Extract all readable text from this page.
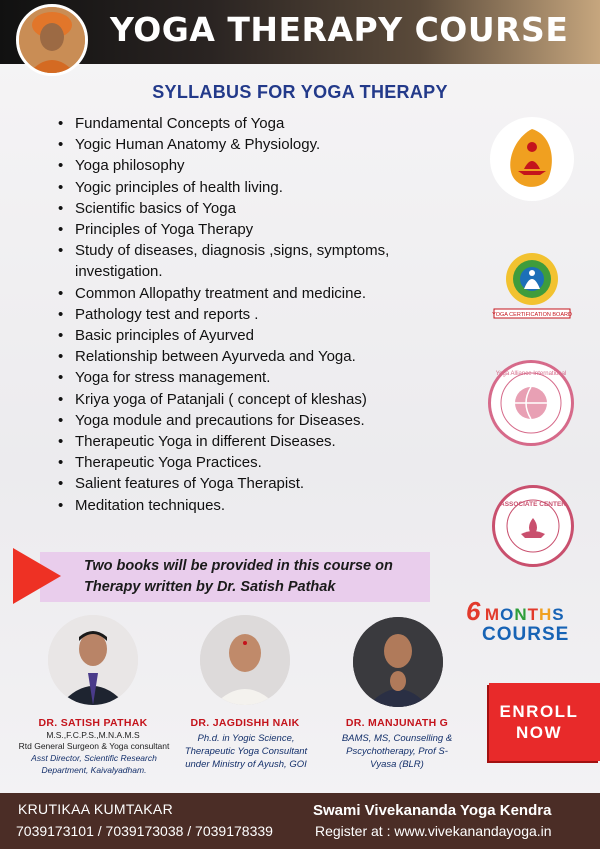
YOGA THERAPY COURSE
SYLLABUS FOR YOGA THERAPY
• Fundamental Concepts of Yoga
• Yogic Human Anatomy & Physiology.
• Yoga philosophy
• Yogic principles of health living.
• Scientific basics of Yoga
• Principles of Yoga Therapy
• Study of diseases, diagnosis ,signs, symptoms, investigation.
• Common Allopathy treatment and medicine.
• Pathology test and reports .
• Basic principles of Ayurved
• Relationship between Ayurveda and Yoga.
• Yoga for stress management.
• Kriya yoga of Patanjali ( concept of kleshas)
• Yoga module and precautions for Diseases.
• Therapeutic Yoga in different Diseases.
• Therapeutic Yoga Practices.
• Salient features of Yoga Therapist.
• Meditation techniques.
YOGA CERTIFICATION BOARD
Yoga Alliance International
ASSOCIATE CENTER
Two books will be provided in this course on
Therapy written by Dr. Satish Pathak
6 MONTHS
COURSE
ENROLL
NOW
DR. SATISH PATHAK
M.S.,F.C.P.S.,M.N.A.M.S
Rtd General Surgeon & Yoga consultant
Asst Director, Scientific Research
Department, Kaivalyadham.
DR. JAGDISHH NAIK
Ph.d. in Yogic Science,
Therapeutic Yoga Consultant
under Ministry of Ayush, GOI
DR. MANJUNATH G
BAMS, MS, Counselling &
Pscychotherapy, Prof S-
Vyasa (BLR)
KRUTIKAA KUMTAKAR
7039173101 / 7039173038 / 7039178339
Swami Vivekananda Yoga Kendra
Register at : www.vivekanandayoga.in
